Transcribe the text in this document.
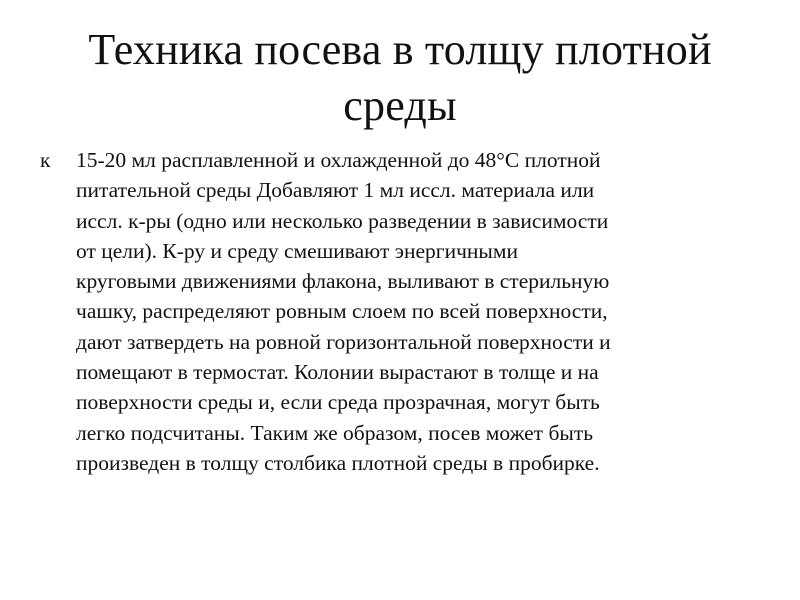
Техника посева в толщу плотной
среды
к 15-20 мл расплавленной и охлажденной до 48°С плотной
питательной среды Добавляют 1 мл иссл. материала или
иссл. к-ры (одно или несколько разведении в зависимости
от цели). К-ру и среду смешивают энергичными
круговыми движениями флакона, выливают в стерильную
чашку, распределяют ровным слоем по всей поверхности,
дают затвердеть на ровной горизонтальной поверхности и
помещают в термостат. Колонии вырастают в толще и на
поверхности среды и, если среда прозрачная, могут быть
легко подсчитаны. Таким же образом, посев может быть
произведен в толщу столбика плотной среды в пробирке.
